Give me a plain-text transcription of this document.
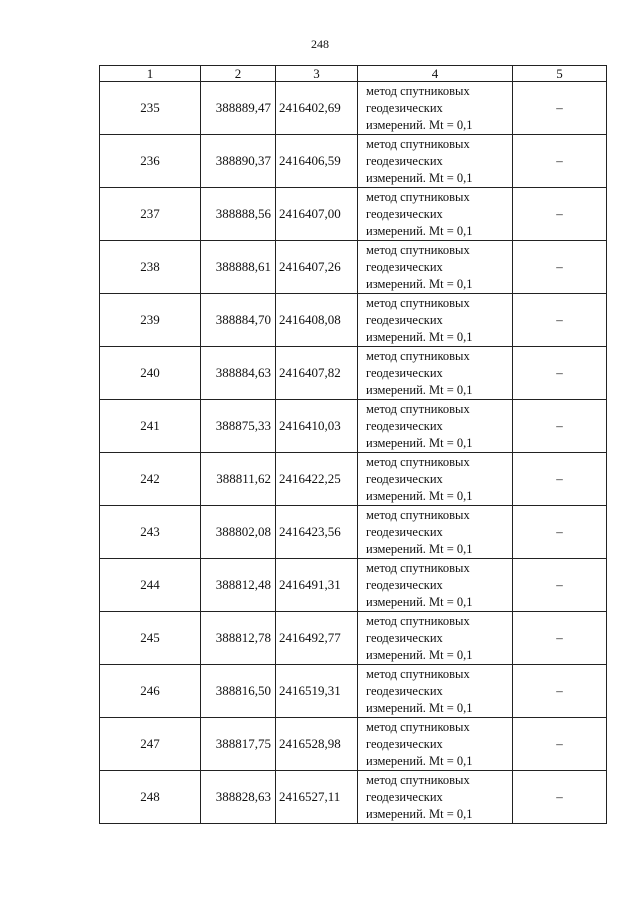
248
1	2	3	4	5
235	388889,47	2416402,69	метод спутниковых
геодезических
измерений. Mt = 0,1	–
236	388890,37	2416406,59	метод спутниковых
геодезических
измерений. Mt = 0,1	–
237	388888,56	2416407,00	метод спутниковых
геодезических
измерений. Mt = 0,1	–
238	388888,61	2416407,26	метод спутниковых
геодезических
измерений. Mt = 0,1	–
239	388884,70	2416408,08	метод спутниковых
геодезических
измерений. Mt = 0,1	–
240	388884,63	2416407,82	метод спутниковых
геодезических
измерений. Mt = 0,1	–
241	388875,33	2416410,03	метод спутниковых
геодезических
измерений. Mt = 0,1	–
242	388811,62	2416422,25	метод спутниковых
геодезических
измерений. Mt = 0,1	–
243	388802,08	2416423,56	метод спутниковых
геодезических
измерений. Mt = 0,1	–
244	388812,48	2416491,31	метод спутниковых
геодезических
измерений. Mt = 0,1	–
245	388812,78	2416492,77	метод спутниковых
геодезических
измерений. Mt = 0,1	–
246	388816,50	2416519,31	метод спутниковых
геодезических
измерений. Mt = 0,1	–
247	388817,75	2416528,98	метод спутниковых
геодезических
измерений. Mt = 0,1	–
248	388828,63	2416527,11	метод спутниковых
геодезических
измерений. Mt = 0,1	–
